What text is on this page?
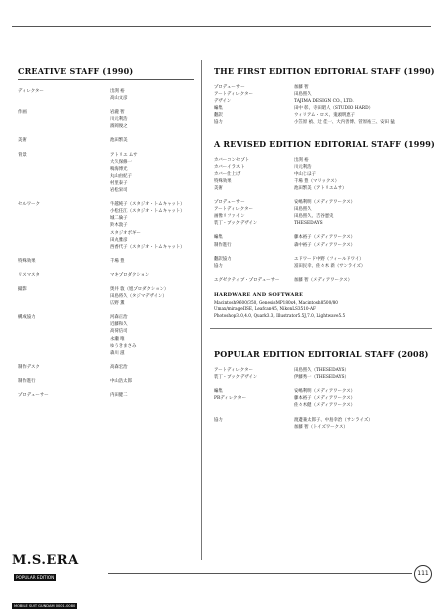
CREATIVE STAFF (1990)
ディレクター	出渕 裕
高山文彦
作画	岩瀧 智
川元利浩
濱岡俊之
美術	池田繁美
背景	アトリエ ムサ
大久保修一
鳴海博光
丸山由紀子
村里泰子
岩松栄司
セルワーク	牛越純子（スタジオ・トムキャット）
小松任江（スタジオ・トムキャット）
城二倫子
鈴木敦子
スタジオボギー
田丸雅彦
西香代子（スタジオ・トムキャット）
特殊効果	千場 豊
リスマスタ	マキプロダクション
撮影	奥井 敦（旭プロダクション）
田島将久（タジマデザイン）
広野 薫
構成協力	河森正治
近藤和久
高荷信司
永瀬 唯
ゆうきまさみ
森川 滋
制作デスク	高森宏治
制作進行	中山浩太郎
プロデューサー	内田健二
THE FIRST EDITION EDITORIAL STAFF (1990)
プロデューサー	加藤 智
アートディレクター	田島照久
デザイン	TAJIMA DESIGN CO., LTD.
編集	田中 彰、寺田昭人（STUDIO HARD）
翻訳	ウィリアム・ロス、鬼頭明恵子
協力	小笠原 禎、辻 佳一、大内善博、菅原祐三、安田 猛
A REVISED EDITION EDITORIAL STAFF (1999)
カバーコンセプト	出渕 裕
カバーイラスト	川元利浩
カバー仕上げ	中山じほ子
特殊効果	千場 豊（マリックス）
美術	池田繁美（アトリエムサ）
プロデューサー	安嶋利明（メディアワークス）
アートディレクター	田島照久
画像リファイン	田島照久、吉谷憲史
装丁・ブックデザイン	THESEDAYS
編集	藤本裕子（メディアワークス）
制作進行	森中裕子（メディアワークス）
翻訳協力	エドワード中野（フィールドワイ）
協力	富田民幸、佐々木 新（サンライズ）
エグゼクティブ・プロデューサー	加藤 智（メディアワークス）
HARDWARE AND SOFTWARE
Macintosh9600/350, GenesisMP180x4, Macintosh8500/80
Umax/mirageIISE, Leafcan45, NikonLS3510-AF
Photoshop3.0,4.0, Quark3.3, Illustrator5.5J,7.0, Lightwave5.5
POPULAR EDITION EDITORIAL STAFF (2008)
アートディレクター	田島照久（THESEDAYS）
装丁・ブックデザイン	伊藤秀一（THESEDAYS）
編集	安嶋利明（メディアワークス）
PRディレクター	藤本裕子（メディアワークス）
佐々木健（メディアワークス）
協力	渡邊兼太郎子、中島幸治（サンライズ）
加藤 智（トイズワークス）
M.S.ERAPOPULAR EDITION
MOBILE SUIT GUNDAM 0001-0080
111
